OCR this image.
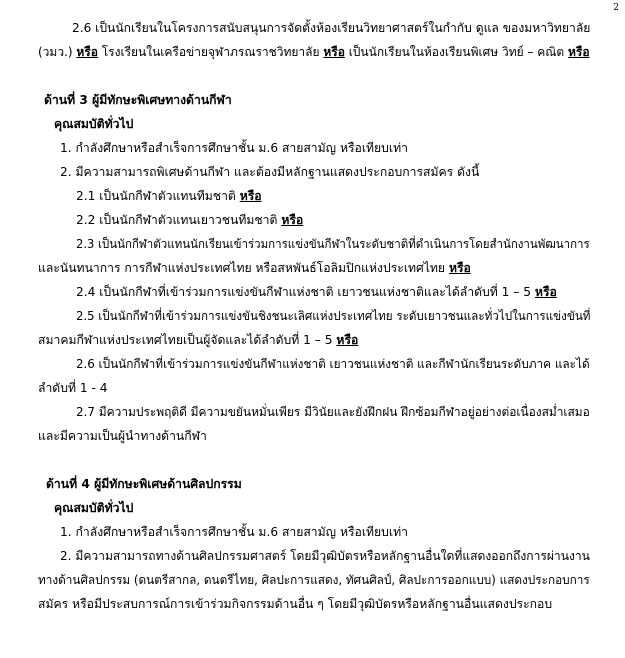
2
2.6 เป็นนักเรียนในโครงการสนับสนุนการจัดตั้งห้องเรียนวิทยาศาสตร์ในกำกับ ดูแล ของมหาวิทยาลัย
(วมว.) หรือ โรงเรียนในเครือข่ายจุฬาภรณราชวิทยาลัย หรือ เป็นนักเรียนในห้องเรียนพิเศษ วิทย์ – คณิต หรือ
ด้านที่ 3 ผู้มีทักษะพิเศษทางด้านกีฬา
คุณสมบัติทั่วไป
1. กำลังศึกษาหรือสำเร็จการศึกษาชั้น ม.6 สายสามัญ หรือเทียบเท่า
2. มีความสามารถพิเศษด้านกีฬา และต้องมีหลักฐานแสดงประกอบการสมัคร ดังนี้
2.1 เป็นนักกีฬาตัวแทนทีมชาติ หรือ
2.2 เป็นนักกีฬาตัวแทนเยาวชนทีมชาติ หรือ
2.3 เป็นนักกีฬาตัวแทนนักเรียนเข้าร่วมการแข่งขันกีฬาในระดับชาติที่ดำเนินการโดยสำนักงานพัฒนาการ
และนันทนาการ การกีฬาแห่งประเทศไทย หรือสหพันธ์โอลิมปิกแห่งประเทศไทย หรือ
2.4 เป็นนักกีฬาที่เข้าร่วมการแข่งขันกีฬาแห่งชาติ เยาวชนแห่งชาติและได้ลำดับที่ 1 – 5 หรือ
2.5 เป็นนักกีฬาที่เข้าร่วมการแข่งขันชิงชนะเลิศแห่งประเทศไทย ระดับเยาวชนและทั่วไปในการแข่งขันที่
สมาคมกีฬาแห่งประเทศไทยเป็นผู้จัดและได้ลำดับที่ 1 – 5 หรือ
2.6 เป็นนักกีฬาที่เข้าร่วมการแข่งขันกีฬาแห่งชาติ เยาวชนแห่งชาติ และกีฬานักเรียนระดับภาค และได้
ลำดับที่ 1 - 4
2.7 มีความประพฤติดี มีความขยันหมั่นเพียร มีวินัยและยังฝึกฝน ฝึกซ้อมกีฬาอยู่อย่างต่อเนื่องสม่ำเสมอ
และมีความเป็นผู้นำทางด้านกีฬา
ด้านที่ 4 ผู้มีทักษะพิเศษด้านศิลปกรรม
คุณสมบัติทั่วไป
1. กำลังศึกษาหรือสำเร็จการศึกษาชั้น ม.6 สายสามัญ หรือเทียบเท่า
2. มีความสามารถทางด้านศิลปกรรมศาสตร์ โดยมีวุฒิบัตรหรือหลักฐานอื่นใดที่แสดงออกถึงการผ่านงาน
ทางด้านศิลปกรรม (ดนตรีสากล, ดนตรีไทย, ศิลปะการแสดง, ทัศนศิลป์, ศิลปะการออกแบบ) แสดงประกอบการ
สมัคร หรือมีประสบการณ์การเข้าร่วมกิจกรรมด้านอื่น ๆ โดยมีวุฒิบัตรหรือหลักฐานอื่นแสดงประกอบ
